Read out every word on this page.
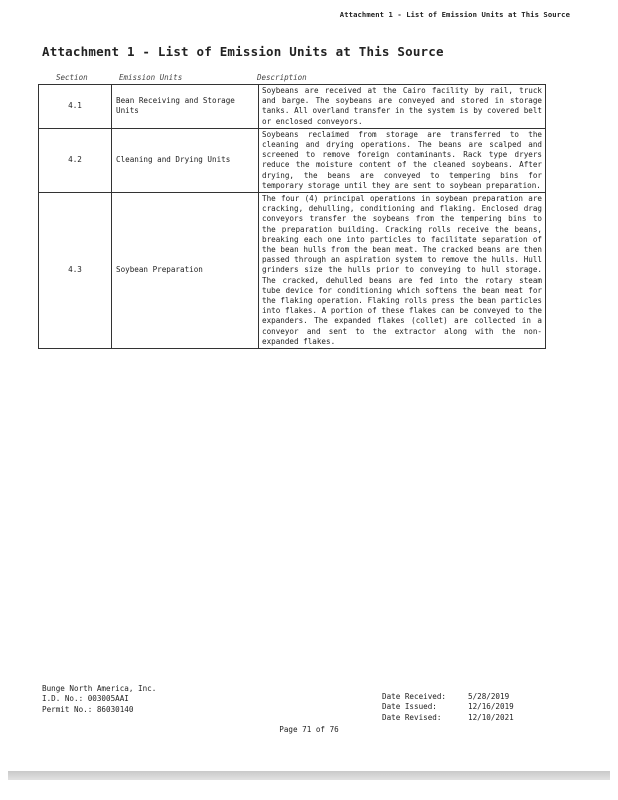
Attachment 1 - List of Emission Units at This Source
Attachment 1 - List of Emission Units at This Source
Section	Emission Units	Description
4.1	Bean Receiving and Storage Units	Soybeans are received at the Cairo facility by rail, truck and barge. The soybeans are conveyed and stored in storage tanks. All overland transfer in the system is by covered belt or enclosed conveyors.
4.2	Cleaning and Drying Units	Soybeans reclaimed from storage are transferred to the cleaning and drying operations. The beans are scalped and screened to remove foreign contaminants. Rack type dryers reduce the moisture content of the cleaned soybeans. After drying, the beans are conveyed to tempering bins for temporary storage until they are sent to soybean preparation.
4.3	Soybean Preparation	The four (4) principal operations in soybean preparation are cracking, dehulling, conditioning and flaking. Enclosed drag conveyors transfer the soybeans from the tempering bins to the preparation building. Cracking rolls receive the beans, breaking each one into particles to facilitate separation of the bean hulls from the bean meat. The cracked beans are then passed through an aspiration system to remove the hulls. Hull grinders size the hulls prior to conveying to hull storage. The cracked, dehulled beans are fed into the rotary steam tube device for conditioning which softens the bean meat for the flaking operation. Flaking rolls press the bean particles into flakes. A portion of these flakes can be conveyed to the expanders. The expanded flakes (collet) are collected in a conveyor and sent to the extractor along with the non-expanded flakes.
Bunge North America, Inc.
I.D. No.: 003005AAI
Permit No.: 86030140
Date Received:	5/28/2019
Date Issued:	12/16/2019
Date Revised:	12/10/2021
Page 71 of 76
